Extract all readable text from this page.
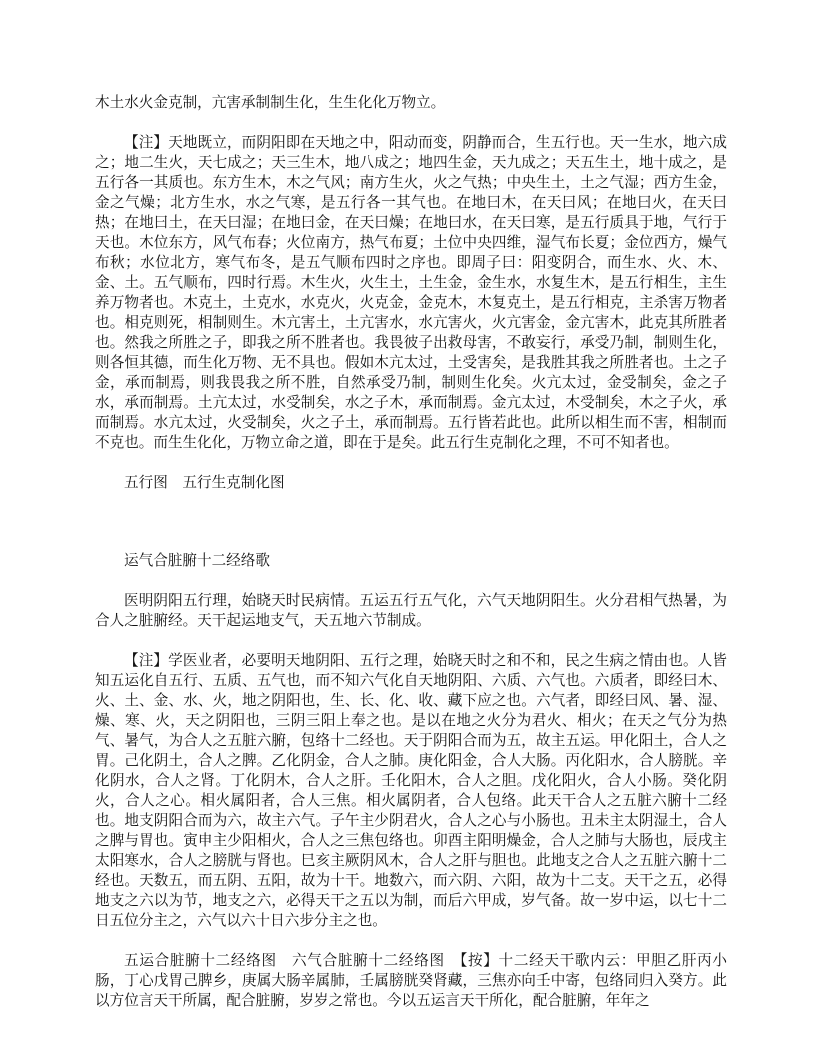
木土水火金克制，亢害承制制生化，生生化化万物立。

【注】天地既立，而阴阳即在天地之中，阳动而变，阴静而合，生五行也。天一生水，地六成之；地二生火，天七成之；天三生木，地八成之；地四生金，天九成之；天五生土，地十成之，是五行各一其质也。东方生木，木之气风；南方生火，火之气热；中央生土，土之气湿；西方生金，金之气燥；北方生水，水之气寒，是五行各一其气也。在地曰木，在天曰风；在地曰火，在天曰热；在地曰土，在天曰湿；在地曰金，在天曰燥；在地曰水，在天曰寒，是五行质具于地，气行于天也。木位东方，风气布春；火位南方，热气布夏；土位中央四维，湿气布长夏；金位西方，燥气布秋；水位北方，寒气布冬，是五气顺布四时之序也。即周子曰：阳变阴合，而生水、火、木、金、土。五气顺布，四时行焉。木生火，火生土，土生金，金生水，水复生木，是五行相生，主生养万物者也。木克土，土克水，水克火，火克金，金克木，木复克土，是五行相克，主杀害万物者也。相克则死，相制则生。木亢害土，土亢害水，水亢害火，火亢害金，金亢害木，此克其所胜者也。然我之所胜之子，即我之所不胜者也。我畏彼子出救母害，不敢妄行，承受乃制，制则生化，则各恒其德，而生化万物、无不具也。假如木亢太过，土受害矣，是我胜其我之所胜者也。土之子金，承而制焉，则我畏我之所不胜，自然承受乃制，制则生化矣。火亢太过，金受制矣，金之子水，承而制焉。土亢太过，水受制矣，水之子木，承而制焉。金亢太过，木受制矣，木之子火，承而制焉。水亢太过，火受制矣，火之子土，承而制焉。五行皆若此也。此所以相生而不害，相制而不克也。而生生化化，万物立命之道，即在于是矣。此五行生克制化之理，不可不知者也。

五行图　五行生克制化图

运气合脏腑十二经络歌

医明阴阳五行理，始晓天时民病情。五运五行五气化，六气天地阴阳生。火分君相气热暑，为合人之脏腑经。天干起运地支气，天五地六节制成。

【注】学医业者，必要明天地阴阳、五行之理，始晓天时之和不和，民之生病之情由也。人皆知五运化自五行、五质、五气也，而不知六气化自天地阴阳、六质、六气也。六质者，即经曰木、火、土、金、水、火，地之阴阳也，生、长、化、收、藏下应之也。六气者，即经曰风、暑、湿、燥、寒、火，天之阴阳也，三阴三阳上奉之也。是以在地之火分为君火、相火；在天之气分为热气、暑气，为合人之五脏六腑，包络十二经也。天于阴阳合而为五，故主五运。甲化阳土，合人之胃。己化阴土，合人之脾。乙化阴金，合人之肺。庚化阳金，合人大肠。丙化阳水，合人膀胱。辛化阴水，合人之肾。丁化阴木，合人之肝。壬化阳木，合人之胆。戊化阳火，合人小肠。癸化阴火，合人之心。相火属阳者，合人三焦。相火属阴者，合人包络。此天干合人之五脏六腑十二经也。地支阴阳合而为六，故主六气。子午主少阴君火，合人之心与小肠也。丑未主太阴湿土，合人之脾与胃也。寅申主少阳相火，合人之三焦包络也。卯酉主阳明燥金，合人之肺与大肠也，辰戌主太阳寒水，合人之膀胱与肾也。巳亥主厥阴风木，合人之肝与胆也。此地支之合人之五脏六腑十二经也。天数五，而五阴、五阳，故为十干。地数六，而六阴、六阳，故为十二支。天干之五，必得地支之六以为节，地支之六，必得天干之五以为制，而后六甲成，岁气备。故一岁中运，以七十二日五位分主之，六气以六十日六步分主之也。

五运合脏腑十二经络图　六气合脏腑十二经络图　【按】十二经天干歌内云：甲胆乙肝丙小肠，丁心戊胃己脾乡，庚属大肠辛属肺，壬属膀胱癸肾藏，三焦亦向壬中寄，包络同归入癸方。此以方位言天干所属，配合脏腑，岁岁之常也。今以五运言天干所化，配合脏腑，年年之
